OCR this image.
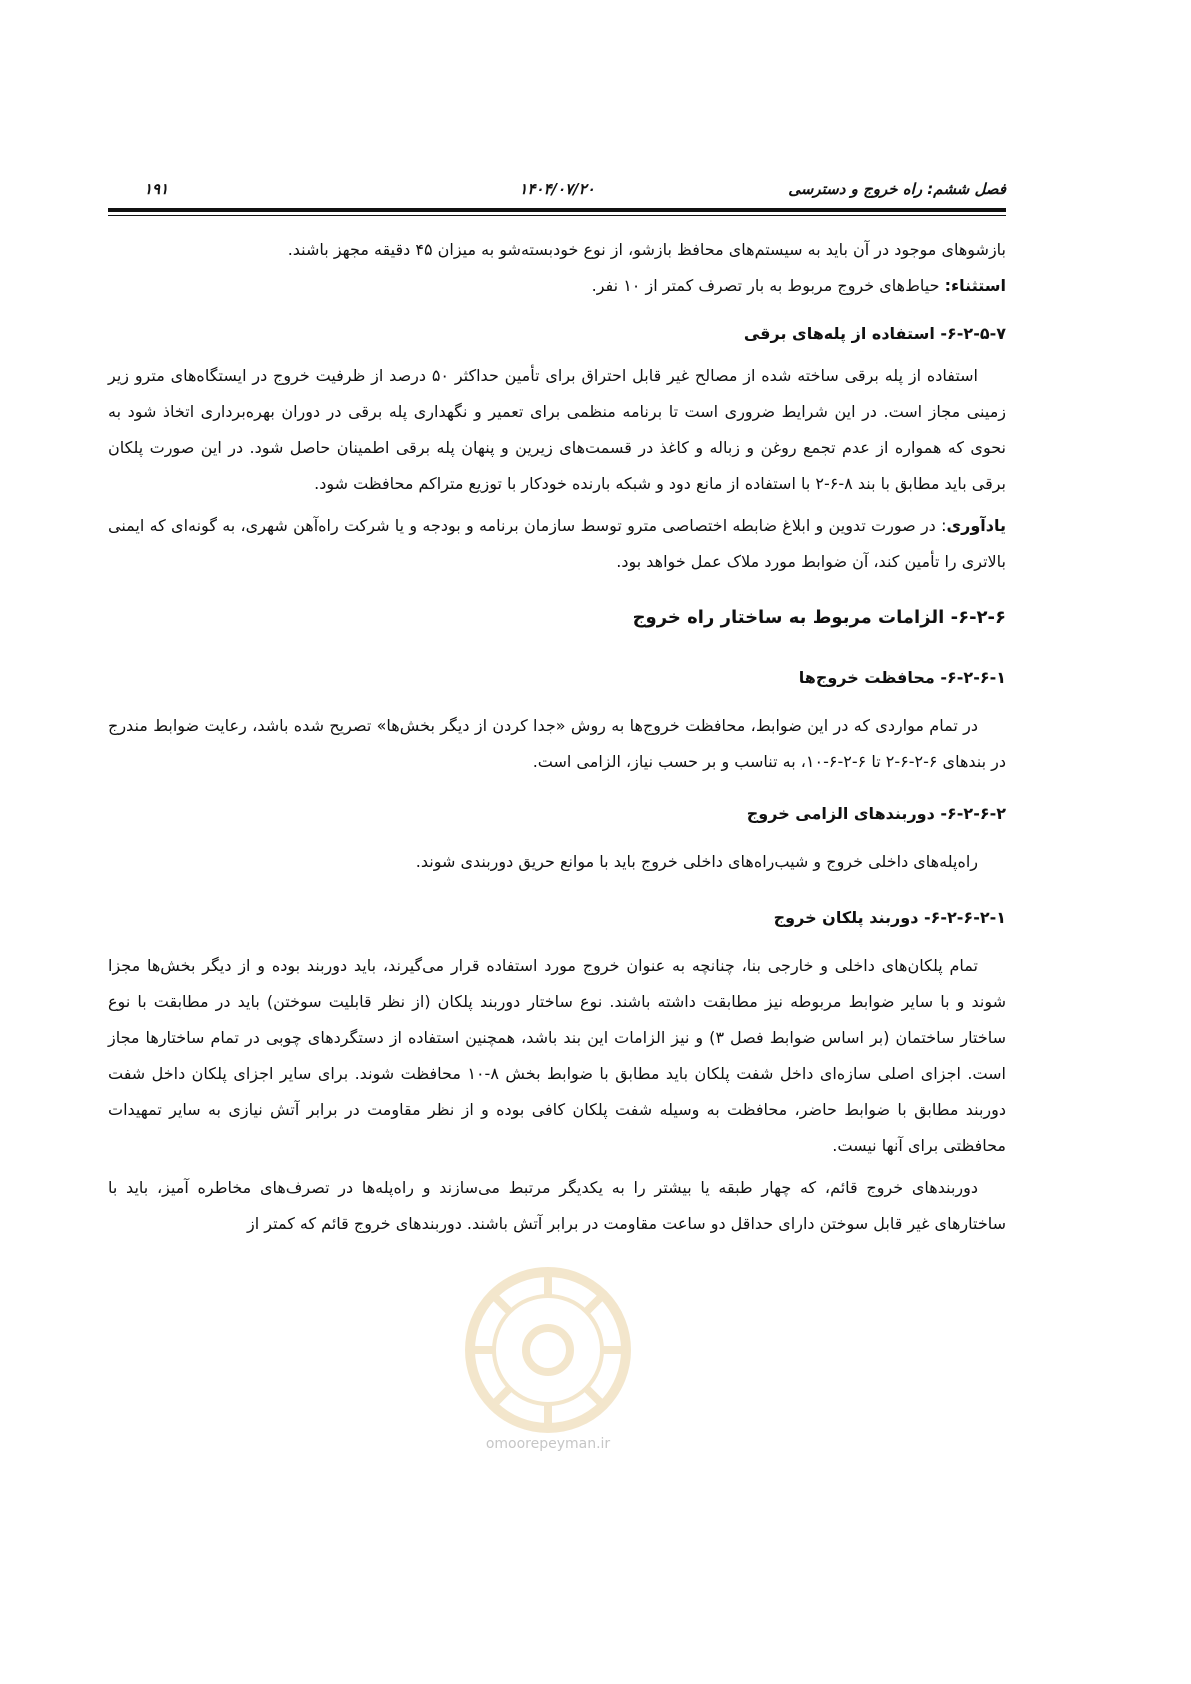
فصل ششم: راه خروج و دسترسی
۱۴۰۴/۰۷/۲۰
۱۹۱

بازشوهای موجود در آن باید به سیستم‌های محافظ بازشو، از نوع خودبسته‌شو به میزان ۴۵ دقیقه مجهز باشند.

استثناء: حیاط‌های خروج مربوط به بار تصرف کمتر از ۱۰ نفر.

۶-۲-۵-۷- استفاده از پله‌های برقی

استفاده از پله برقی ساخته شده از مصالح غیر قابل احتراق برای تأمین حداکثر ۵۰ درصد از ظرفیت خروج در ایستگاه‌های مترو زیر زمینی مجاز است. در این شرایط ضروری است تا برنامه منظمی برای تعمیر و نگهداری پله برقی در دوران بهره‌برداری اتخاذ شود به نحوی که همواره از عدم تجمع روغن و زباله و کاغذ در قسمت‌های زیرین و پنهان پله برقی اطمینان حاصل شود. در این صورت پلکان برقی باید مطابق با بند ۸-۶-۲ با استفاده از مانع دود و شبکه بارنده خودکار با توزیع متراکم محافظت شود.

یادآوری: در صورت تدوین و ابلاغ ضابطه اختصاصی مترو توسط سازمان برنامه و بودجه و یا شرکت راه‌آهن شهری، به گونه‌ای که ایمنی بالاتری را تأمین کند، آن ضوابط مورد ملاک عمل خواهد بود.

۶-۲-۶- الزامات مربوط به ساختار راه خروج
۶-۲-۶-۱- محافظت خروج‌ها

در تمام مواردی که در این ضوابط، محافظت خروج‌ها به روش «جدا کردن از دیگر بخش‌ها» تصریح شده باشد، رعایت ضوابط مندرج در بندهای ۶-۲-۶-۲ تا ۶-۲-۶-۱۰، به تناسب و بر حسب نیاز، الزامی است.

۶-۲-۶-۲- دوربندهای الزامی خروج

راه‌پله‌های داخلی خروج و شیب‌راه‌های داخلی خروج باید با موانع حریق دوربندی شوند.

۶-۲-۶-۲-۱- دوربند پلکان خروج

تمام پلکان‌های داخلی و خارجی بنا، چنانچه به عنوان خروج مورد استفاده قرار می‌گیرند، باید دوربند بوده و از دیگر بخش‌ها مجزا شوند و با سایر ضوابط مربوطه نیز مطابقت داشته باشند. نوع ساختار دوربند پلکان (از نظر قابلیت سوختن) باید در مطابقت با نوع ساختار ساختمان (بر اساس ضوابط فصل ۳) و نیز الزامات این بند باشد، همچنین استفاده از دستگردهای چوبی در تمام ساختارها مجاز است. اجزای اصلی سازه‌ای داخل شفت پلکان باید مطابق با ضوابط بخش ۸-۱۰ محافظت شوند. برای سایر اجزای پلکان داخل شفت دوربند مطابق با ضوابط حاضر، محافظت به وسیله شفت پلکان کافی بوده و از نظر مقاومت در برابر آتش نیازی به سایر تمهیدات محافظتی برای آنها نیست.

دوربندهای خروج قائم، که چهار طبقه یا بیشتر را به یکدیگر مرتبط می‌سازند و راه‌پله‌ها در تصرف‌های مخاطره آمیز، باید با ساختارهای غیر قابل سوختن دارای حداقل دو ساعت مقاومت در برابر آتش باشند. دوربندهای خروج قائم که کمتر از

omoorepeyman.ir
